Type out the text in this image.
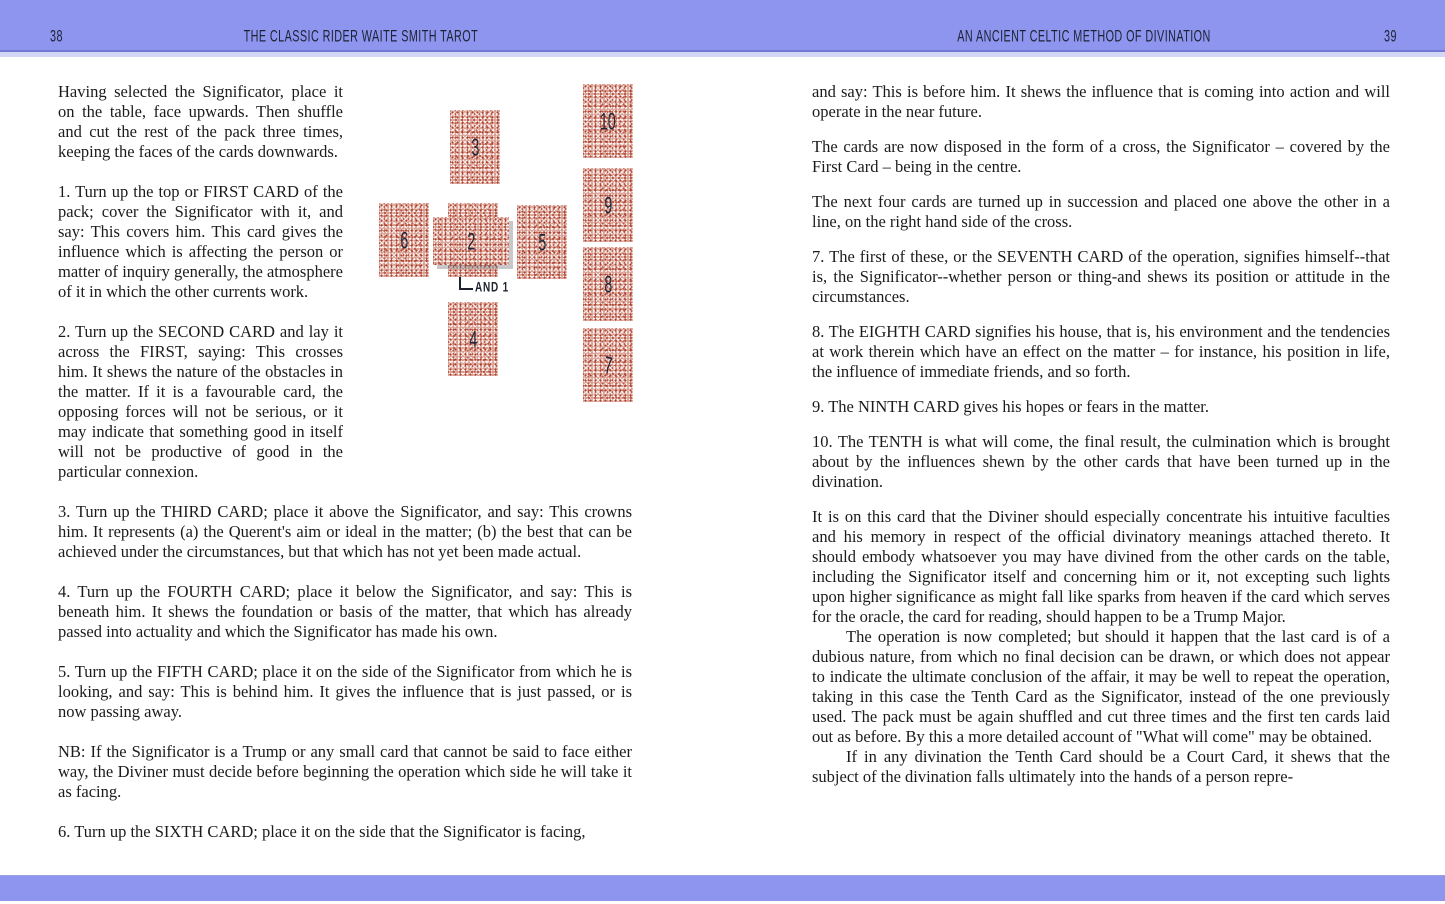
38	THE CLASSIC RIDER WAITE SMITH TAROT	AN ANCIENT CELTIC METHOD OF DIVINATION	39
3
10
9
6	2	5
8
4
7
AND 1

Having selected the Significator, place it on the table, face upwards. Then shuffle and cut the rest of the pack three times, keeping the faces of the cards downwards.

1. Turn up the top or FIRST CARD of the pack; cover the Significator with it, and say: This covers him. This card gives the influence which is affecting the person or matter of inquiry generally, the atmosphere of it in which the other currents work.

2. Turn up the SECOND CARD and lay it across the FIRST, saying: This crosses him. It shews the nature of the obstacles in the matter. If it is a favourable card, the opposing forces will not be serious, or it may indicate that something good in itself will not be productive of good in the particular connexion.

3. Turn up the THIRD CARD; place it above the Significator, and say: This crowns him. It represents (a) the Querent's aim or ideal in the matter; (b) the best that can be achieved under the circumstances, but that which has not yet been made actual.

4. Turn up the FOURTH CARD; place it below the Significator, and say: This is beneath him. It shews the foundation or basis of the matter, that which has already passed into actuality and which the Significator has made his own.

5. Turn up the FIFTH CARD; place it on the side of the Significator from which he is looking, and say: This is behind him. It gives the influence that is just passed, or is now passing away.

NB: If the Significator is a Trump or any small card that cannot be said to face either way, the Diviner must decide before beginning the operation which side he will take it as facing.

6. Turn up the SIXTH CARD; place it on the side that the Significator is facing,

and say: This is before him. It shews the influence that is coming into action and will operate in the near future.

The cards are now disposed in the form of a cross, the Significator – covered by the First Card – being in the centre.

The next four cards are turned up in succession and placed one above the other in a line, on the right hand side of the cross.

7. The first of these, or the SEVENTH CARD of the operation, signifies himself--that is, the Significator--whether person or thing-and shews its position or attitude in the circumstances.

8. The EIGHTH CARD signifies his house, that is, his environment and the tendencies at work therein which have an effect on the matter – for instance, his position in life, the influence of immediate friends, and so forth.

9. The NINTH CARD gives his hopes or fears in the matter.

10. The TENTH is what will come, the final result, the culmination which is brought about by the influences shewn by the other cards that have been turned up in the divination.

It is on this card that the Diviner should especially concentrate his intuitive faculties and his memory in respect of the official divinatory meanings attached thereto. It should embody whatsoever you may have divined from the other cards on the table, including the Significator itself and concerning him or it, not excepting such lights upon higher significance as might fall like sparks from heaven if the card which serves for the oracle, the card for reading, should happen to be a Trump Major.

The operation is now completed; but should it happen that the last card is of a dubious nature, from which no final decision can be drawn, or which does not appear to indicate the ultimate conclusion of the affair, it may be well to repeat the operation, taking in this case the Tenth Card as the Significator, instead of the one previously used. The pack must be again shuffled and cut three times and the first ten cards laid out as before. By this a more detailed account of "What will come" may be obtained.

If in any divination the Tenth Card should be a Court Card, it shews that the subject of the divination falls ultimately into the hands of a person repre-
